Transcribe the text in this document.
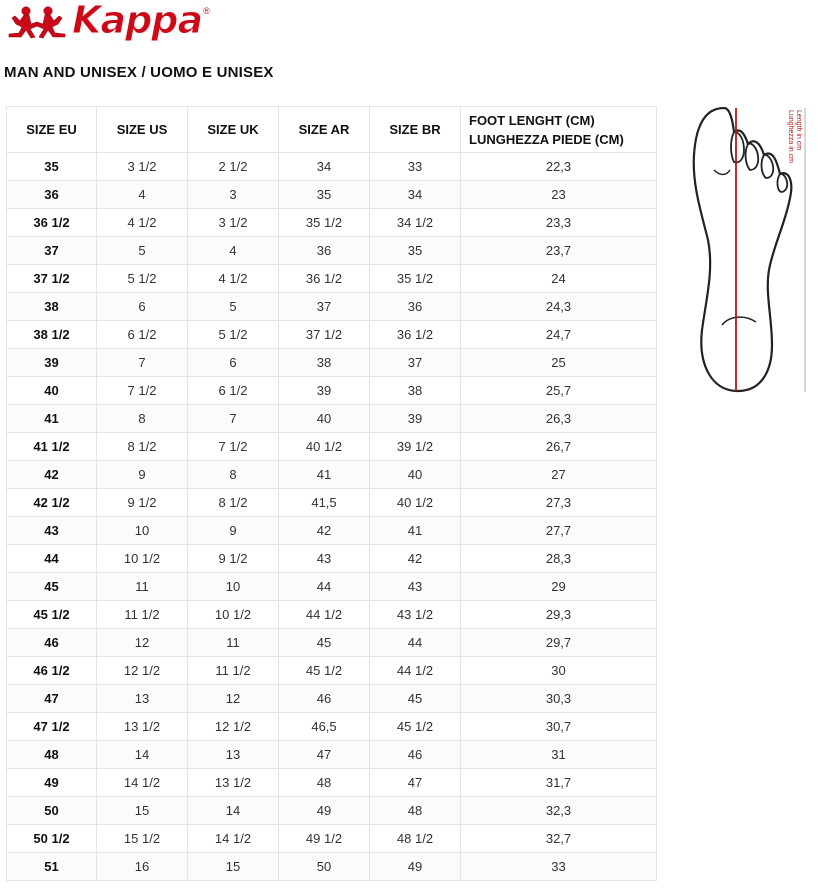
Kappa ®
MAN AND UNISEX / UOMO E UNISEX
SIZE EU	SIZE US	SIZE UK	SIZE AR	SIZE BR	FOOT LENGHT (CM)
LUNGHEZZA PIEDE (CM)
35	3 1/2	2 1/2	34	33	22,3
36	4	3	35	34	23
36 1/2	4 1/2	3 1/2	35 1/2	34 1/2	23,3
37	5	4	36	35	23,7
37 1/2	5 1/2	4 1/2	36 1/2	35 1/2	24
38	6	5	37	36	24,3
38 1/2	6 1/2	5 1/2	37 1/2	36 1/2	24,7
39	7	6	38	37	25
40	7 1/2	6 1/2	39	38	25,7
41	8	7	40	39	26,3
41 1/2	8 1/2	7 1/2	40 1/2	39 1/2	26,7
42	9	8	41	40	27
42 1/2	9 1/2	8 1/2	41,5	40 1/2	27,3
43	10	9	42	41	27,7
44	10 1/2	9 1/2	43	42	28,3
45	11	10	44	43	29
45 1/2	11 1/2	10 1/2	44 1/2	43 1/2	29,3
46	12	11	45	44	29,7
46 1/2	12 1/2	11 1/2	45 1/2	44 1/2	30
47	13	12	46	45	30,3
47 1/2	13 1/2	12 1/2	46,5	45 1/2	30,7
48	14	13	47	46	31
49	14 1/2	13 1/2	48	47	31,7
50	15	14	49	48	32,3
50 1/2	15 1/2	14 1/2	49 1/2	48 1/2	32,7
51	16	15	50	49	33
Length in cm
Lunghezza in cm
